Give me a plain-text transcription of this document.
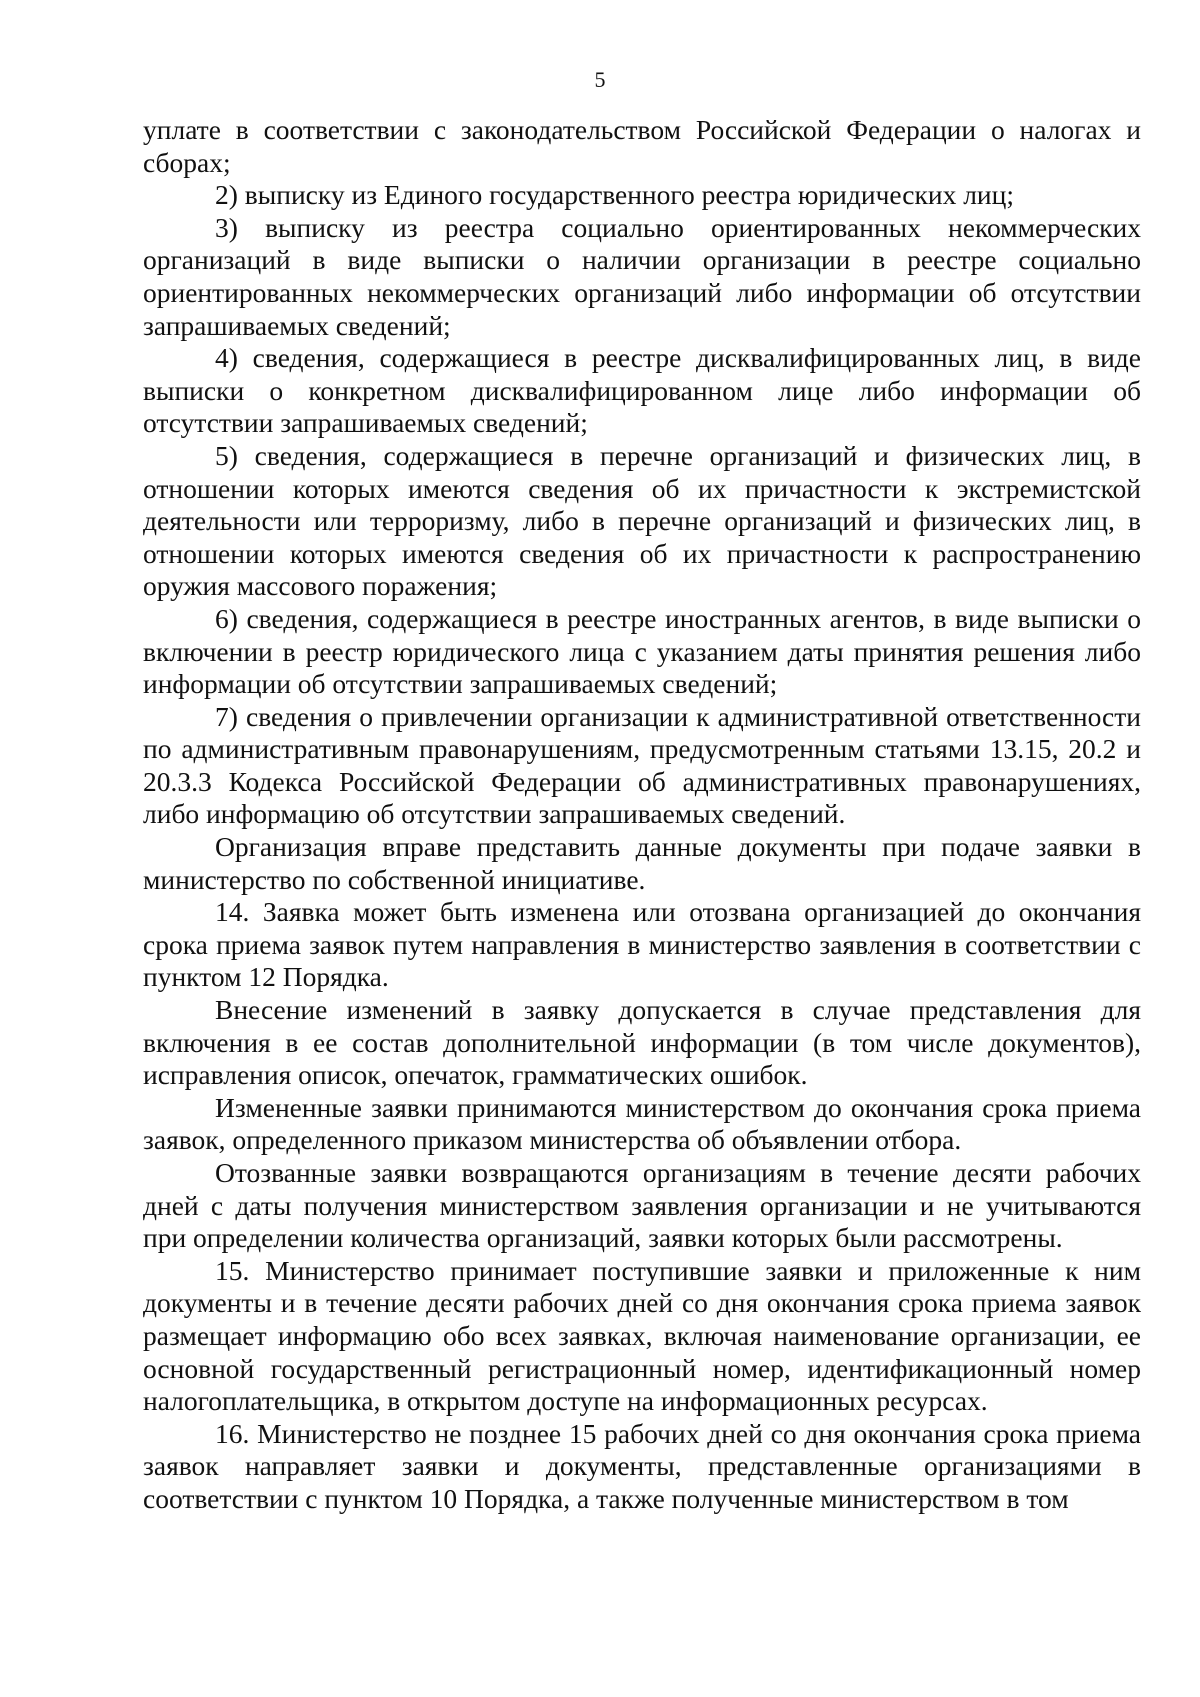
5

уплате в соответствии с законодательством Российской Федерации о налогах и сборах;

2) выписку из Единого государственного реестра юридических лиц;

3) выписку из реестра социально ориентированных некоммерческих организаций в виде выписки о наличии организации в реестре социально ориентированных некоммерческих организаций либо информации об отсутствии запрашиваемых сведений;

4) сведения, содержащиеся в реестре дисквалифицированных лиц, в виде выписки о конкретном дисквалифицированном лице либо информации об отсутствии запрашиваемых сведений;

5) сведения, содержащиеся в перечне организаций и физических лиц, в отношении которых имеются сведения об их причастности к экстремистской деятельности или терроризму, либо в перечне организаций и физических лиц, в отношении которых имеются сведения об их причастности к распространению оружия массового поражения;

6) сведения, содержащиеся в реестре иностранных агентов, в виде выписки о включении в реестр юридического лица с указанием даты принятия решения либо информации об отсутствии запрашиваемых сведений;

7) сведения о привлечении организации к административной ответственности по административным правонарушениям, предусмотренным статьями 13.15, 20.2 и 20.3.3 Кодекса Российской Федерации об административных правонарушениях, либо информацию об отсутствии запрашиваемых сведений.

Организация вправе представить данные документы при подаче заявки в министерство по собственной инициативе.

14. Заявка может быть изменена или отозвана организацией до окончания срока приема заявок путем направления в министерство заявления в соответствии с пунктом 12 Порядка.

Внесение изменений в заявку допускается в случае представления для включения в ее состав дополнительной информации (в том числе документов), исправления описок, опечаток, грамматических ошибок.

Измененные заявки принимаются министерством до окончания срока приема заявок, определенного приказом министерства об объявлении отбора.

Отозванные заявки возвращаются организациям в течение десяти рабочих дней с даты получения министерством заявления организации и не учитываются при определении количества организаций, заявки которых были рассмотрены.

15. Министерство принимает поступившие заявки и приложенные к ним документы и в течение десяти рабочих дней со дня окончания срока приема заявок размещает информацию обо всех заявках, включая наименование организации, ее основной государственный регистрационный номер, идентификационный номер налогоплательщика, в открытом доступе на информационных ресурсах.

16. Министерство не позднее 15 рабочих дней со дня окончания срока приема заявок направляет заявки и документы, представленные организациями в соответствии с пунктом 10 Порядка, а также полученные министерством в том
